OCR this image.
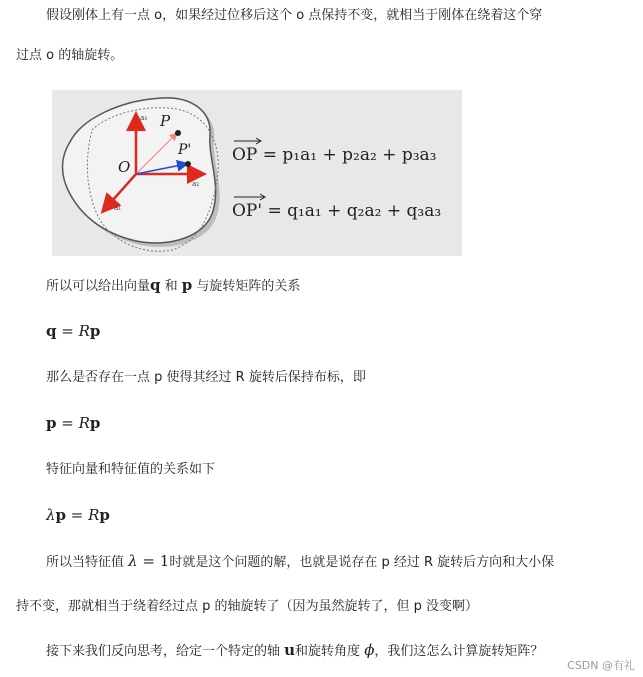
假设刚体上有一点 o，如果经过位移后这个 o 点保持不变，就相当于刚体在绕着这个穿
过点 o 的轴旋转。
O
P
P'
a₃
a₂
a₁
OP = p₁a₁ + p₂a₂ + p₃a₃
OP' = q₁a₁ + q₂a₂ + q₃a₃
所以可以给出向量q 和 p 与旋转矩阵的关系
q = Rp
那么是否存在一点 p 使得其经过 R 旋转后保持布标，即
p = Rp
特征向量和特征值的关系如下
λp = Rp
所以当特征值 λ = 1时就是这个问题的解，也就是说存在 p 经过 R 旋转后方向和大小保
持不变，那就相当于绕着经过点 p 的轴旋转了（因为虽然旋转了，但 p 没变啊）
接下来我们反向思考，给定一个特定的轴 u和旋转角度 ϕ，我们这怎么计算旋转矩阵？
CSDN @有礼
